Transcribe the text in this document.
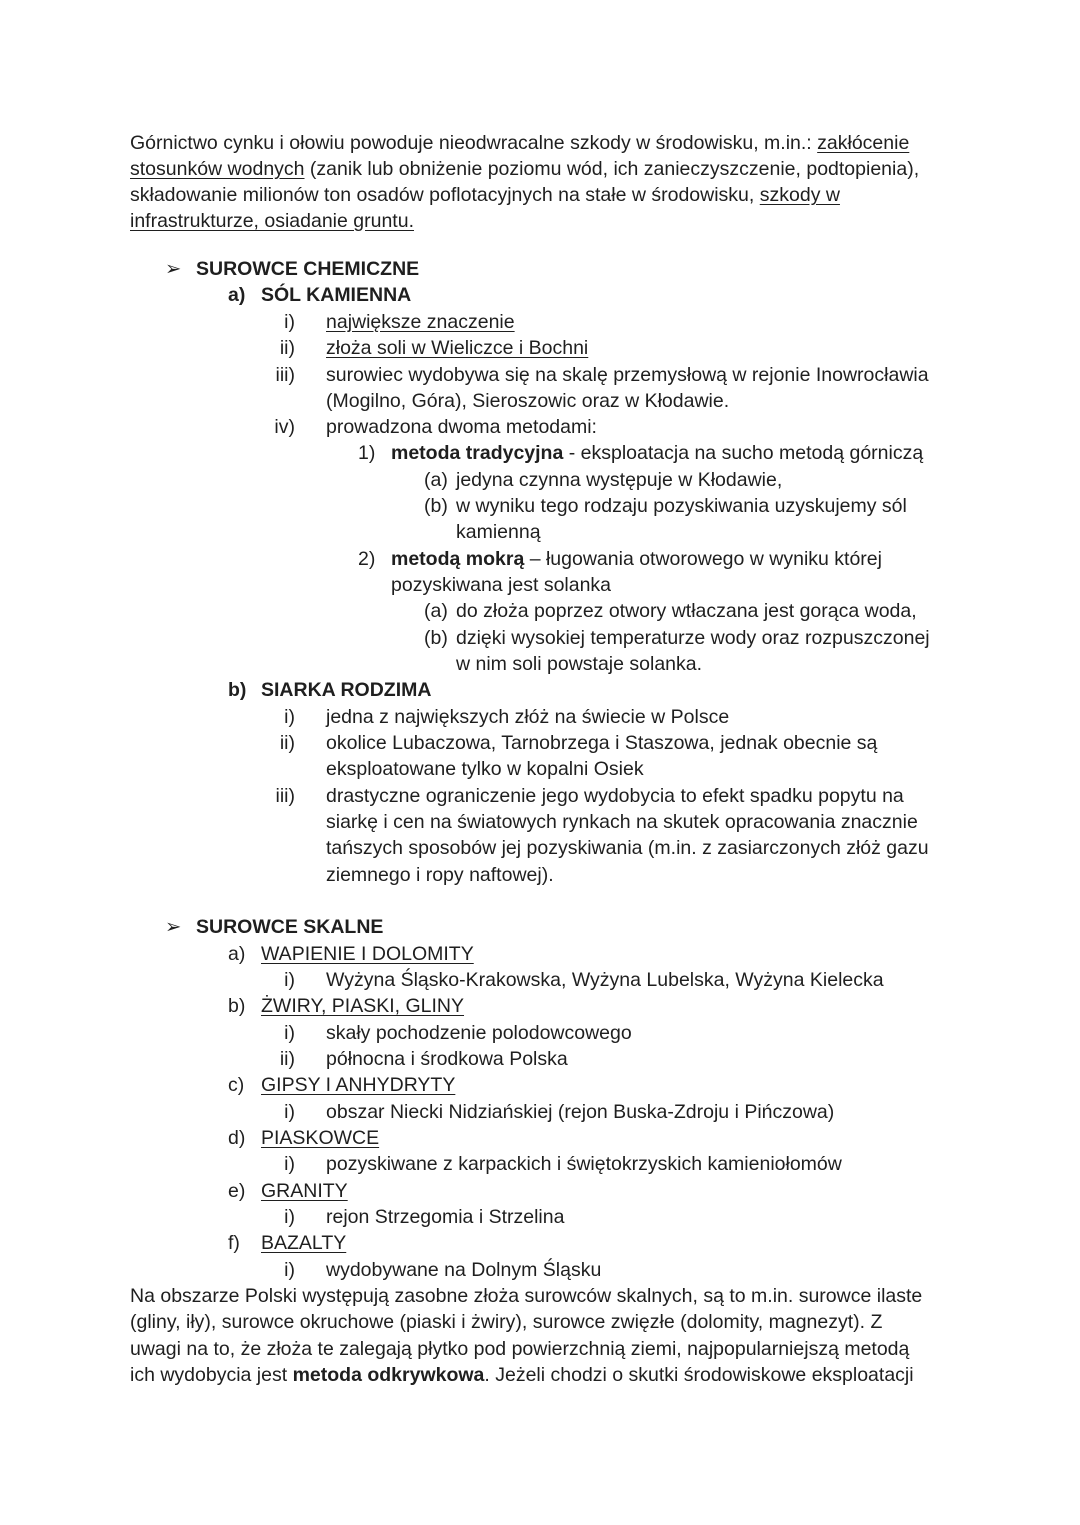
Górnictwo cynku i ołowiu powoduje nieodwracalne szkody w środowisku, m.in.: zakłócenie
stosunków wodnych (zanik lub obniżenie poziomu wód, ich zanieczyszczenie, podtopienia),
składowanie milionów ton osadów poflotacyjnych na stałe w środowisku, szkody w
infrastrukturze, osiadanie gruntu.
➢ SUROWCE CHEMICZNE
a) SÓL KAMIENNA
i) największe znaczenie
ii) złoża soli w Wieliczce i Bochni
iii) surowiec wydobywa się na skalę przemysłową w rejonie Inowrocławia
(Mogilno, Góra), Sieroszowic oraz w Kłodawie.
iv) prowadzona dwoma metodami:
1) metoda tradycyjna - eksploatacja na sucho metodą górniczą
(a) jedyna czynna występuje w Kłodawie,
(b) w wyniku tego rodzaju pozyskiwania uzyskujemy sól
kamienną
2) metodą mokrą – ługowania otworowego w wyniku której
pozyskiwana jest solanka
(a) do złoża poprzez otwory wtłaczana jest gorąca woda,
(b) dzięki wysokiej temperaturze wody oraz rozpuszczonej
w nim soli powstaje solanka.
b) SIARKA RODZIMA
i) jedna z największych złóż na świecie w Polsce
ii) okolice Lubaczowa, Tarnobrzega i Staszowa, jednak obecnie są
eksploatowane tylko w kopalni Osiek
iii) drastyczne ograniczenie jego wydobycia to efekt spadku popytu na
siarkę i cen na światowych rynkach na skutek opracowania znacznie
tańszych sposobów jej pozyskiwania (m.in. z zasiarczonych złóż gazu
ziemnego i ropy naftowej).
➢ SUROWCE SKALNE
a) WAPIENIE I DOLOMITY
i) Wyżyna Śląsko-Krakowska, Wyżyna Lubelska, Wyżyna Kielecka
b) ŻWIRY, PIASKI, GLINY
i) skały pochodzenie polodowcowego
ii) północna i środkowa Polska
c) GIPSY I ANHYDRYTY
i) obszar Niecki Nidziańskiej (rejon Buska-Zdroju i Pińczowa)
d) PIASKOWCE
i) pozyskiwane z karpackich i świętokrzyskich kamieniołomów
e) GRANITY
i) rejon Strzegomia i Strzelina
f) BAZALTY
i) wydobywane na Dolnym Śląsku
Na obszarze Polski występują zasobne złoża surowców skalnych, są to m.in. surowce ilaste
(gliny, iły), surowce okruchowe (piaski i żwiry), surowce zwięzłe (dolomity, magnezyt). Z
uwagi na to, że złoża te zalegają płytko pod powierzchnią ziemi, najpopularniejszą metodą
ich wydobycia jest metoda odkrywkowa. Jeżeli chodzi o skutki środowiskowe eksploatacji
